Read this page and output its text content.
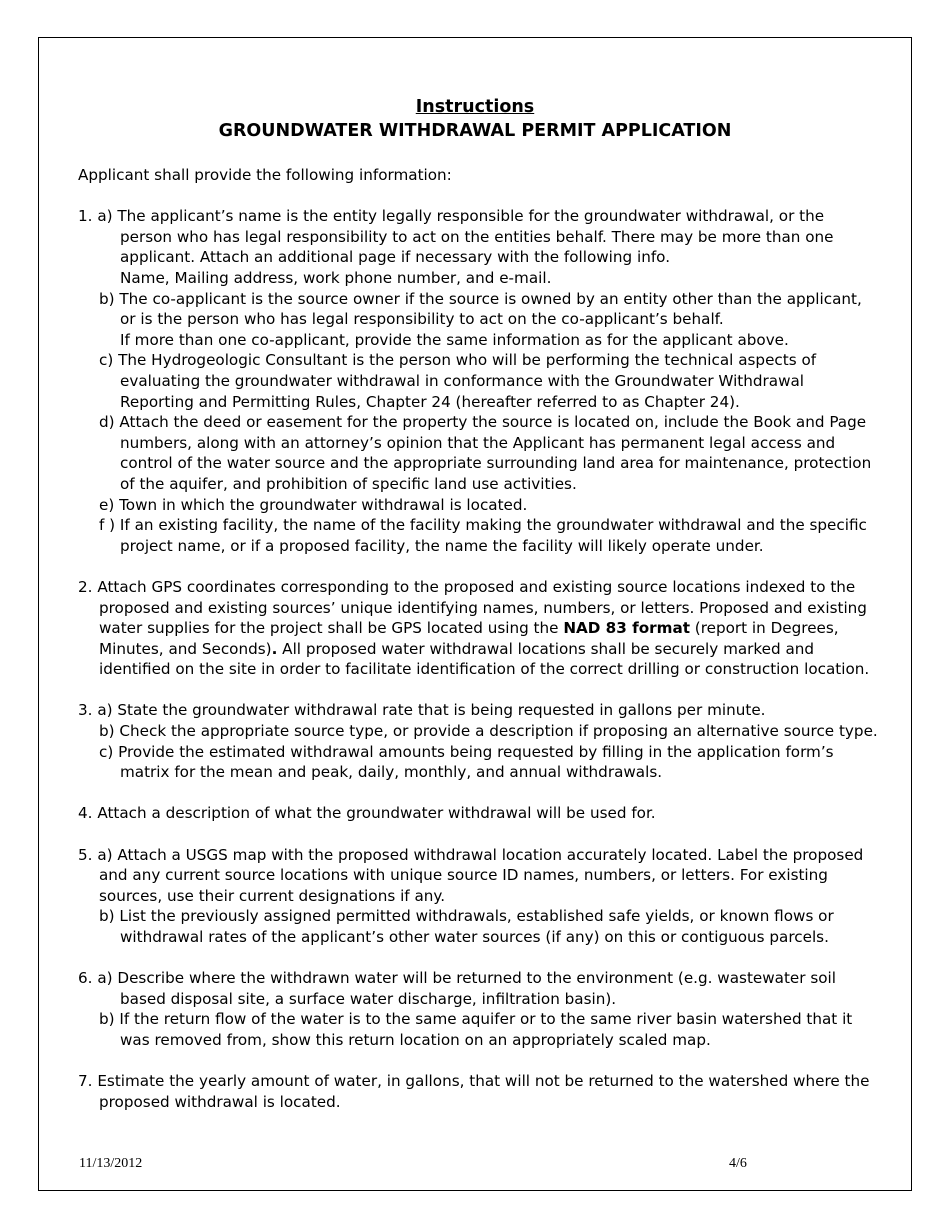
Instructions

GROUNDWATER WITHDRAWAL PERMIT APPLICATION

Applicant shall provide the following information:

1. a) The applicant’s name is the entity legally responsible for the groundwater withdrawal, or the

person who has legal responsibility to act on the entities behalf. There may be more than one

applicant. Attach an additional page if necessary with the following info.

Name, Mailing address, work phone number, and e-mail.

b) The co-applicant is the source owner if the source is owned by an entity other than the applicant,

or is the person who has legal responsibility to act on the co-applicant’s behalf.

If more than one co-applicant, provide the same information as for the applicant above.

c) The Hydrogeologic Consultant is the person who will be performing the technical aspects of

evaluating the groundwater withdrawal in conformance with the Groundwater Withdrawal

Reporting and Permitting Rules, Chapter 24 (hereafter referred to as Chapter 24).

d) Attach the deed or easement for the property the source is located on, include the Book and Page

numbers, along with an attorney’s opinion that the Applicant has permanent legal access and

control of the water source and the appropriate surrounding land area for maintenance, protection

of the aquifer, and prohibition of specific land use activities.

e) Town in which the groundwater withdrawal is located.

f ) If an existing facility, the name of the facility making the groundwater withdrawal and the specific

project name, or if a proposed facility, the name the facility will likely operate under.

2. Attach GPS coordinates corresponding to the proposed and existing source locations indexed to the

proposed and existing sources’ unique identifying names, numbers, or letters. Proposed and existing

water supplies for the project shall be GPS located using the NAD 83 format (report in Degrees,

Minutes, and Seconds). All proposed water withdrawal locations shall be securely marked and

identified on the site in order to facilitate identification of the correct drilling or construction location.

3. a) State the groundwater withdrawal rate that is being requested in gallons per minute.

b) Check the appropriate source type, or provide a description if proposing an alternative source type.

c) Provide the estimated withdrawal amounts being requested by filling in the application form’s

matrix for the mean and peak, daily, monthly, and annual withdrawals.

4. Attach a description of what the groundwater withdrawal will be used for.

5. a) Attach a USGS map with the proposed withdrawal location accurately located. Label the proposed

and any current source locations with unique source ID names, numbers, or letters. For existing

sources, use their current designations if any.

b) List the previously assigned permitted withdrawals, established safe yields, or known flows or

withdrawal rates of the applicant’s other water sources (if any) on this or contiguous parcels.

6. a) Describe where the withdrawn water will be returned to the environment (e.g. wastewater soil

based disposal site, a surface water discharge, infiltration basin).

b) If the return flow of the water is to the same aquifer or to the same river basin watershed that it

was removed from, show this return location on an appropriately scaled map.

7. Estimate the yearly amount of water, in gallons, that will not be returned to the watershed where the

proposed withdrawal is located.

11/13/2012	4/6
